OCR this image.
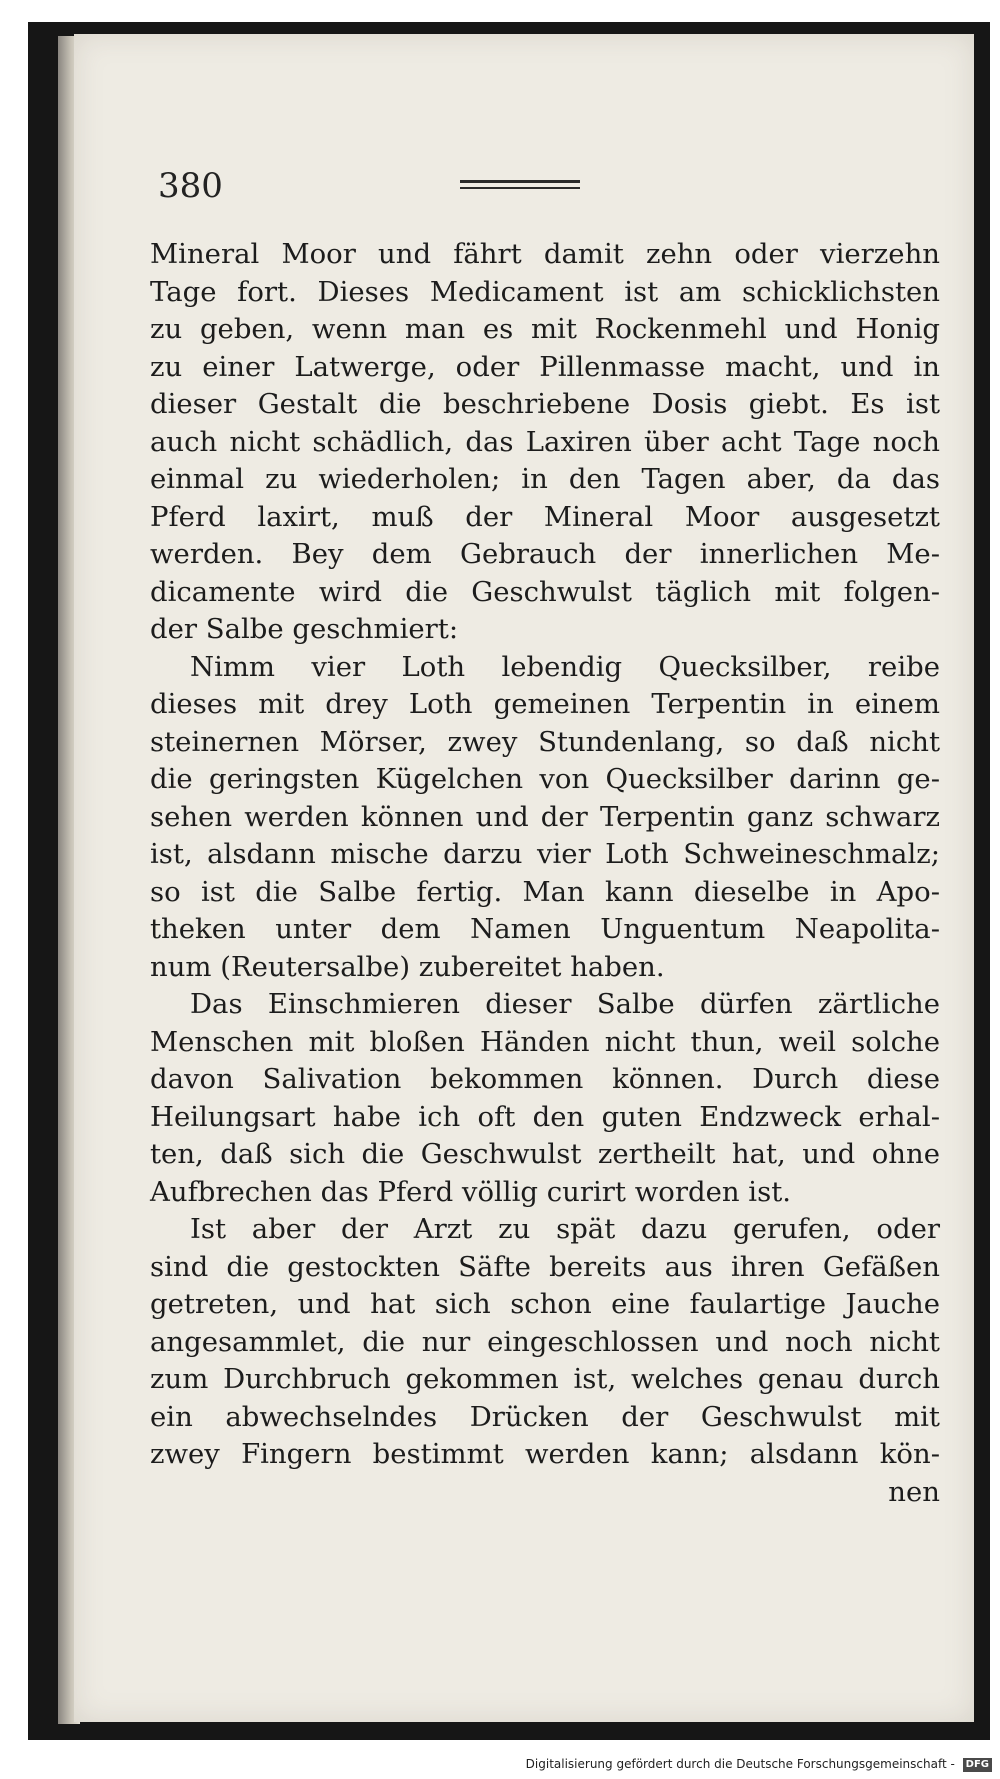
380
Mineral Moor und fährt damit zehn oder vierzehn
Tage fort. Dieses Medicament ist am schicklichsten
zu geben, wenn man es mit Rockenmehl und Honig
zu einer Latwerge, oder Pillenmasse macht, und in
dieser Gestalt die beschriebene Dosis giebt. Es ist
auch nicht schädlich, das Laxiren über acht Tage noch
einmal zu wiederholen; in den Tagen aber, da das
Pferd laxirt, muß der Mineral Moor ausgesetzt
werden. Bey dem Gebrauch der innerlichen Me-
dicamente wird die Geschwulst täglich mit folgen-
der Salbe geschmiert:
Nimm vier Loth lebendig Quecksilber, reibe
dieses mit drey Loth gemeinen Terpentin in einem
steinernen Mörser, zwey Stundenlang, so daß nicht
die geringsten Kügelchen von Quecksilber darinn ge-
sehen werden können und der Terpentin ganz schwarz
ist, alsdann mische darzu vier Loth Schweineschmalz;
so ist die Salbe fertig. Man kann dieselbe in Apo-
theken unter dem Namen Unguentum Neapolita-
num (Reutersalbe) zubereitet haben.
Das Einschmieren dieser Salbe dürfen zärtliche
Menschen mit bloßen Händen nicht thun, weil solche
davon Salivation bekommen können. Durch diese
Heilungsart habe ich oft den guten Endzweck erhal-
ten, daß sich die Geschwulst zertheilt hat, und ohne
Aufbrechen das Pferd völlig curirt worden ist.
Ist aber der Arzt zu spät dazu gerufen, oder
sind die gestockten Säfte bereits aus ihren Gefäßen
getreten, und hat sich schon eine faulartige Jauche
angesammlet, die nur eingeschlossen und noch nicht
zum Durchbruch gekommen ist, welches genau durch
ein abwechselndes Drücken der Geschwulst mit
zwey Fingern bestimmt werden kann; alsdann kön-
nen
Digitalisierung gefördert durch die Deutsche Forschungsgemeinschaft - DFG
